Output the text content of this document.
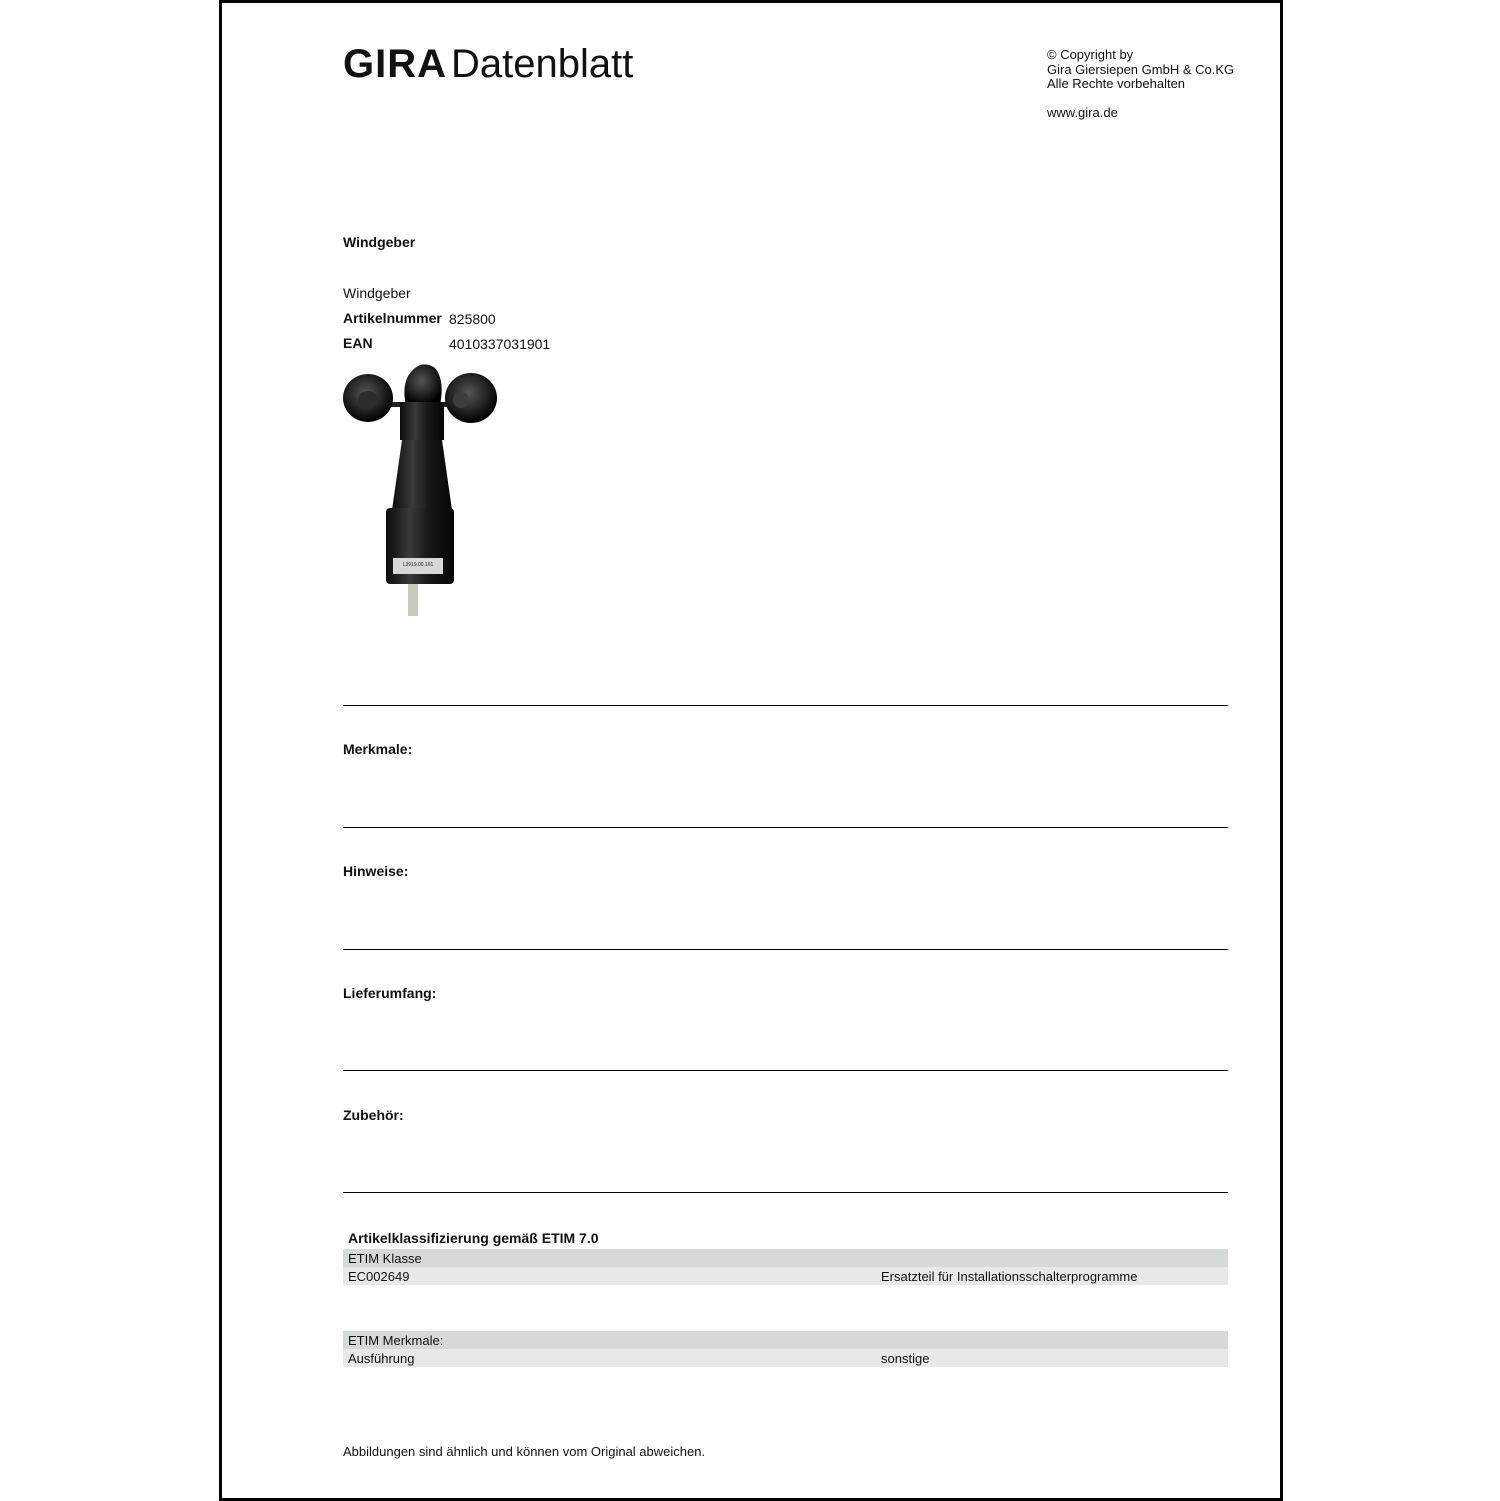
GIRA Datenblatt	© Copyright by
Gira Giersiepen GmbH & Co.KG
Alle Rechte vorbehalten
www.gira.de
Windgeber
Windgeber
Artikelnummer 825800
EAN	4010337031901
L3919.00.161
Merkmale:
Hinweise:
Lieferumfang:
Zubehör:
Artikelklassifizierung gemäß ETIM 7.0
ETIM Klasse
EC002649	Ersatzteil für Installationsschalterprogramme
ETIM Merkmale:
Ausführung	sonstige
Abbildungen sind ähnlich und können vom Original abweichen.
